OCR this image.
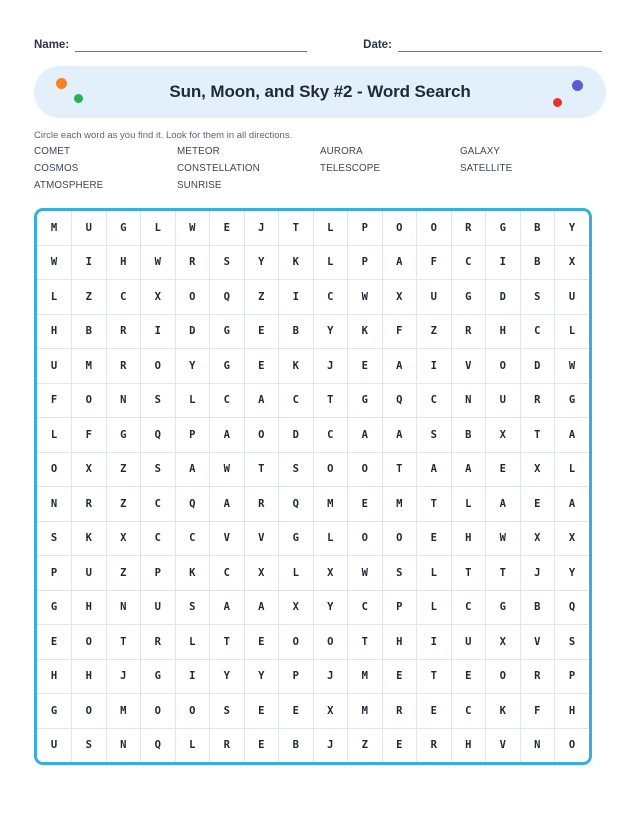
Name:	Date:
Sun, Moon, and Sky #2 - Word Search
Circle each word as you find it. Look for them in all directions.
COMET	METEOR	AURORA	GALAXY
COSMOS	CONSTELLATION	TELESCOPE	SATELLITE
ATMOSPHERE	SUNRISE
M	U	G	L	W	E	J	T	L	P	O	O	R	G	B	Y
W	I	H	W	R	S	Y	K	L	P	A	F	C	I	B	X
L	Z	C	X	O	Q	Z	I	C	W	X	U	G	D	S	U
H	B	R	I	D	G	E	B	Y	K	F	Z	R	H	C	L
U	M	R	O	Y	G	E	K	J	E	A	I	V	O	D	W
F	O	N	S	L	C	A	C	T	G	Q	C	N	U	R	G
L	F	G	Q	P	A	O	D	C	A	A	S	B	X	T	A
O	X	Z	S	A	W	T	S	O	O	T	A	A	E	X	L
N	R	Z	C	Q	A	R	Q	M	E	M	T	L	A	E	A
S	K	X	C	C	V	V	G	L	O	O	E	H	W	X	X
P	U	Z	P	K	C	X	L	X	W	S	L	T	T	J	Y
G	H	N	U	S	A	A	X	Y	C	P	L	C	G	B	Q
E	O	T	R	L	T	E	O	O	T	H	I	U	X	V	S
H	H	J	G	I	Y	Y	P	J	M	E	T	E	O	R	P
G	O	M	O	O	S	E	E	X	M	R	E	C	K	F	H
U	S	N	Q	L	R	E	B	J	Z	E	R	H	V	N	O
